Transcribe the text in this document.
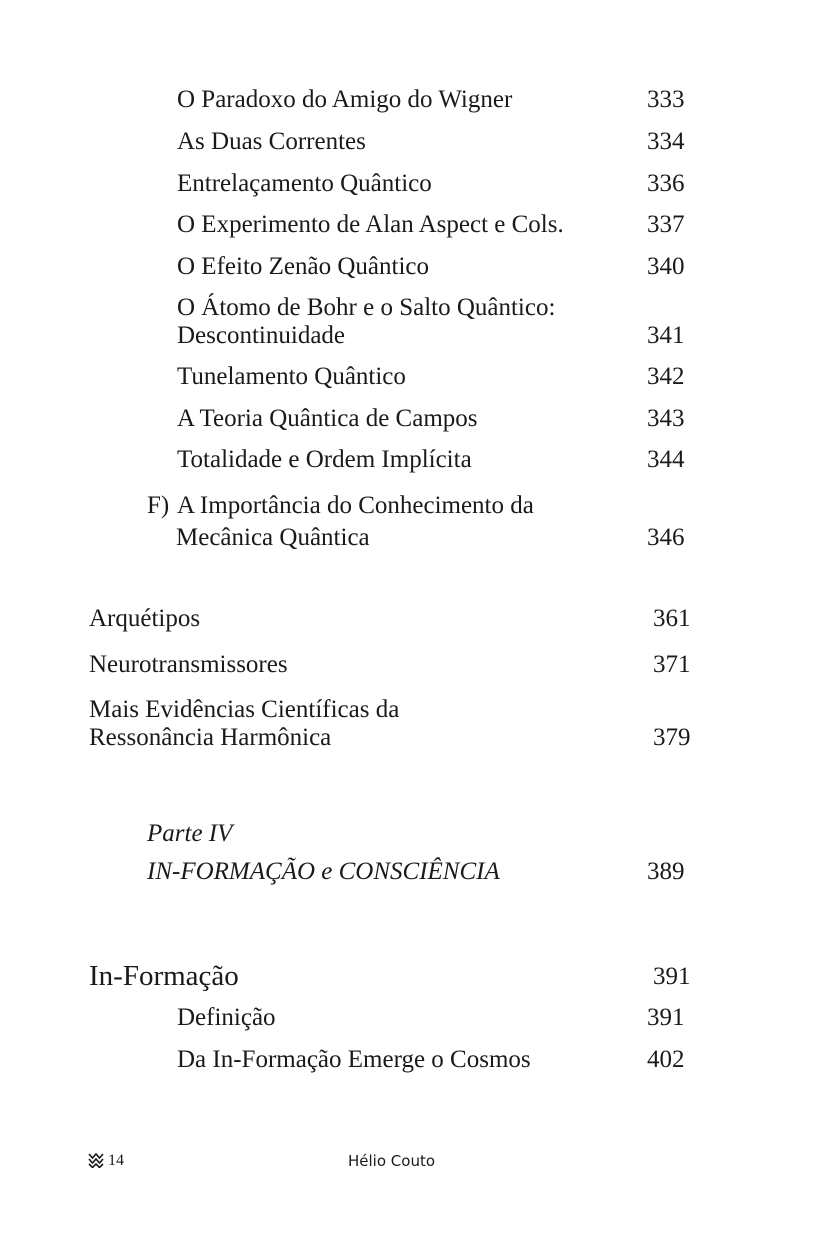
O Paradoxo do Amigo do Wigner	333
As Duas Correntes	334
Entrelaçamento Quântico	336
O Experimento de Alan Aspect e Cols.	337
O Efeito Zenão Quântico	340
O Átomo de Bohr e o Salto Quântico:
Descontinuidade	341
Tunelamento Quântico	342
A Teoria Quântica de Campos	343
Totalidade e Ordem Implícita	344
F) A Importância do Conhecimento da
Mecânica Quântica	346
Arquétipos	361
Neurotransmissores	371
Mais Evidências Científicas da
Ressonância Harmônica	379
Parte IV
IN-FORMAÇÃO e CONSCIÊNCIA	389
In-Formação	391
Definição	391
Da In-Formação Emerge o Cosmos	402
14	Hélio Couto
